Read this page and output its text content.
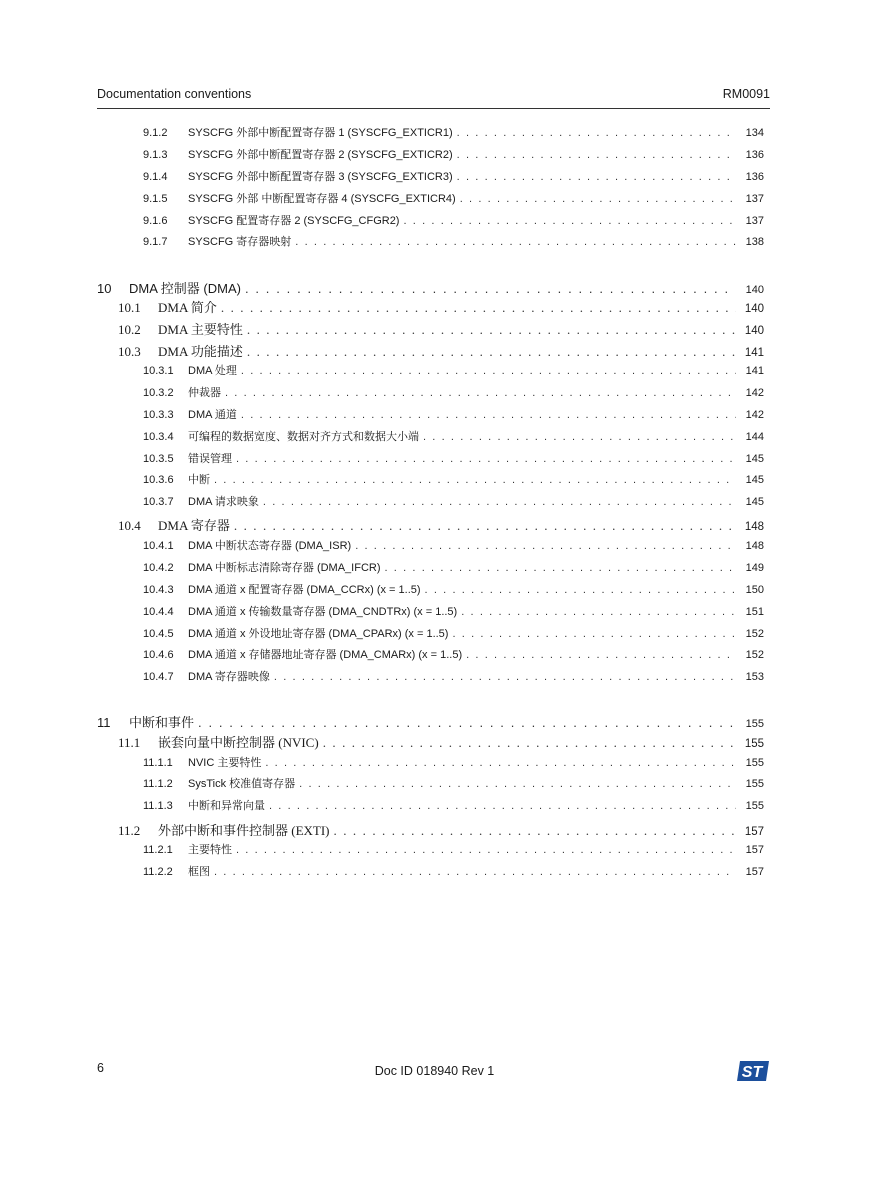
Documentation conventions	RM0091
9.1.2	SYSCFG 外部中断配置寄存器 1 (SYSCFG_EXTICR1) . . .	134
9.1.3	SYSCFG 外部中断配置寄存器 2 (SYSCFG_EXTICR2) . . .	136
9.1.4	SYSCFG 外部中断配置寄存器 3 (SYSCFG_EXTICR3) . . .	136
9.1.5	SYSCFG 外部 中断配置寄存器 4 (SYSCFG_EXTICR4) . . .	137
9.1.6	SYSCFG 配置寄存器 2 (SYSCFG_CFGR2) . . .	137
9.1.7	SYSCFG 寄存器映射 . . .	138
10	DMA 控制器 (DMA) . . .	140
10.1	DMA 简介 . . .	140
10.2	DMA 主要特性 . . .	140
10.3	DMA 功能描述 . . .	141
10.3.1	DMA 处理 . . .	141
10.3.2	仲裁器 . . .	142
10.3.3	DMA 通道 . . .	142
10.3.4	可编程的数据宽度、数据对齐方式和数据大小端 . . .	144
10.3.5	错误管理 . . .	145
10.3.6	中断 . . .	145
10.3.7	DMA 请求映象 . . .	145
10.4	DMA 寄存器 . . .	148
10.4.1	DMA 中断状态寄存器 (DMA_ISR) . . .	148
10.4.2	DMA 中断标志清除寄存器 (DMA_IFCR) . . .	149
10.4.3	DMA 通道 x 配置寄存器 (DMA_CCRx) (x = 1..5) . . .	150
10.4.4	DMA 通道 x 传输数量寄存器 (DMA_CNDTRx) (x = 1..5) . . .	151
10.4.5	DMA 通道 x 外设地址寄存器 (DMA_CPARx) (x = 1..5) . . .	152
10.4.6	DMA 通道 x 存储器地址寄存器 (DMA_CMARx) (x = 1..5) . . .	152
10.4.7	DMA 寄存器映像 . . .	153
11	中断和事件 . . .	155
11.1	嵌套向量中断控制器 (NVIC) . . .	155
11.1.1	NVIC 主要特性 . . .	155
11.1.2	SysTick 校准值寄存器 . . .	155
11.1.3	中断和异常向量 . . .	155
11.2	外部中断和事件控制器 (EXTI) . . .	157
11.2.1	主要特性 . . .	157
11.2.2	框图 . . .	157
6	Doc ID 018940 Rev 1	ST
